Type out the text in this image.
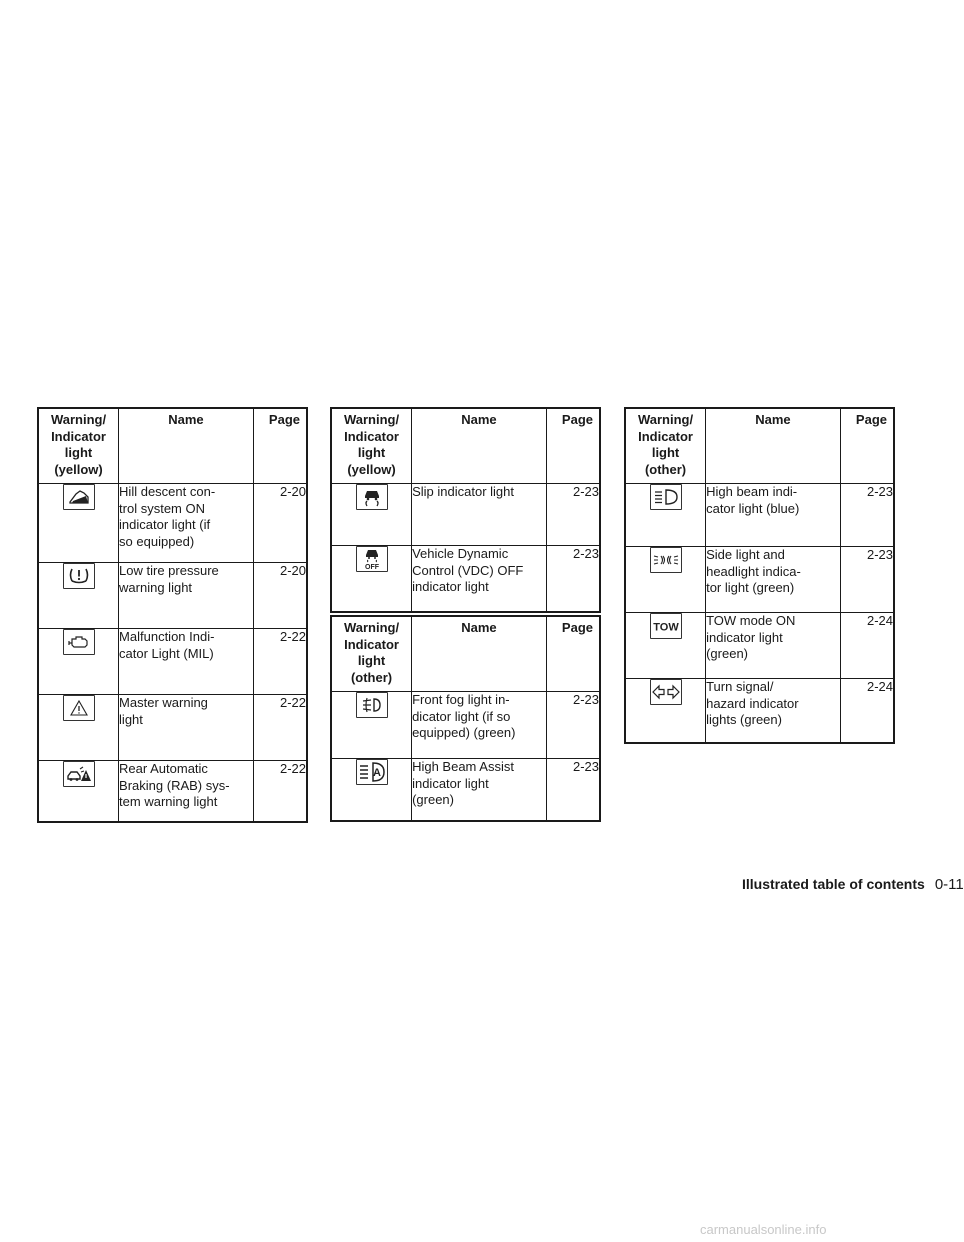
Warning/
Indicator
light
(yellow)	Name	Page

Hill descent con-
trol system ON
indicator light (if
so equipped)	2-20

Low tire pressure
warning light	2-20

Malfunction Indi-
cator Light (MIL)	2-22

Master warning
light	2-22

Rear Automatic
Braking (RAB) sys-
tem warning light	2-22
Warning/
Indicator
light
(yellow)	Name	Page

Slip indicator light	2-23

OFF	Vehicle Dynamic
Control (VDC) OFF
indicator light	2-23
Warning/
Indicator
light
(other)	Name	Page

Front fog light in-
dicator light (if so
equipped) (green)	2-23

A	High Beam Assist
indicator light
(green)	2-23
Warning/
Indicator
light
(other)	Name	Page

High beam indi-
cator light (blue)	2-23

Side light and
headlight indica-
tor light (green)	2-23

TOW	TOW mode ON
indicator light
(green)	2-24

Turn signal/
hazard indicator
lights (green)	2-24
Illustrated table of contents 0-11
carmanualsonline.info
